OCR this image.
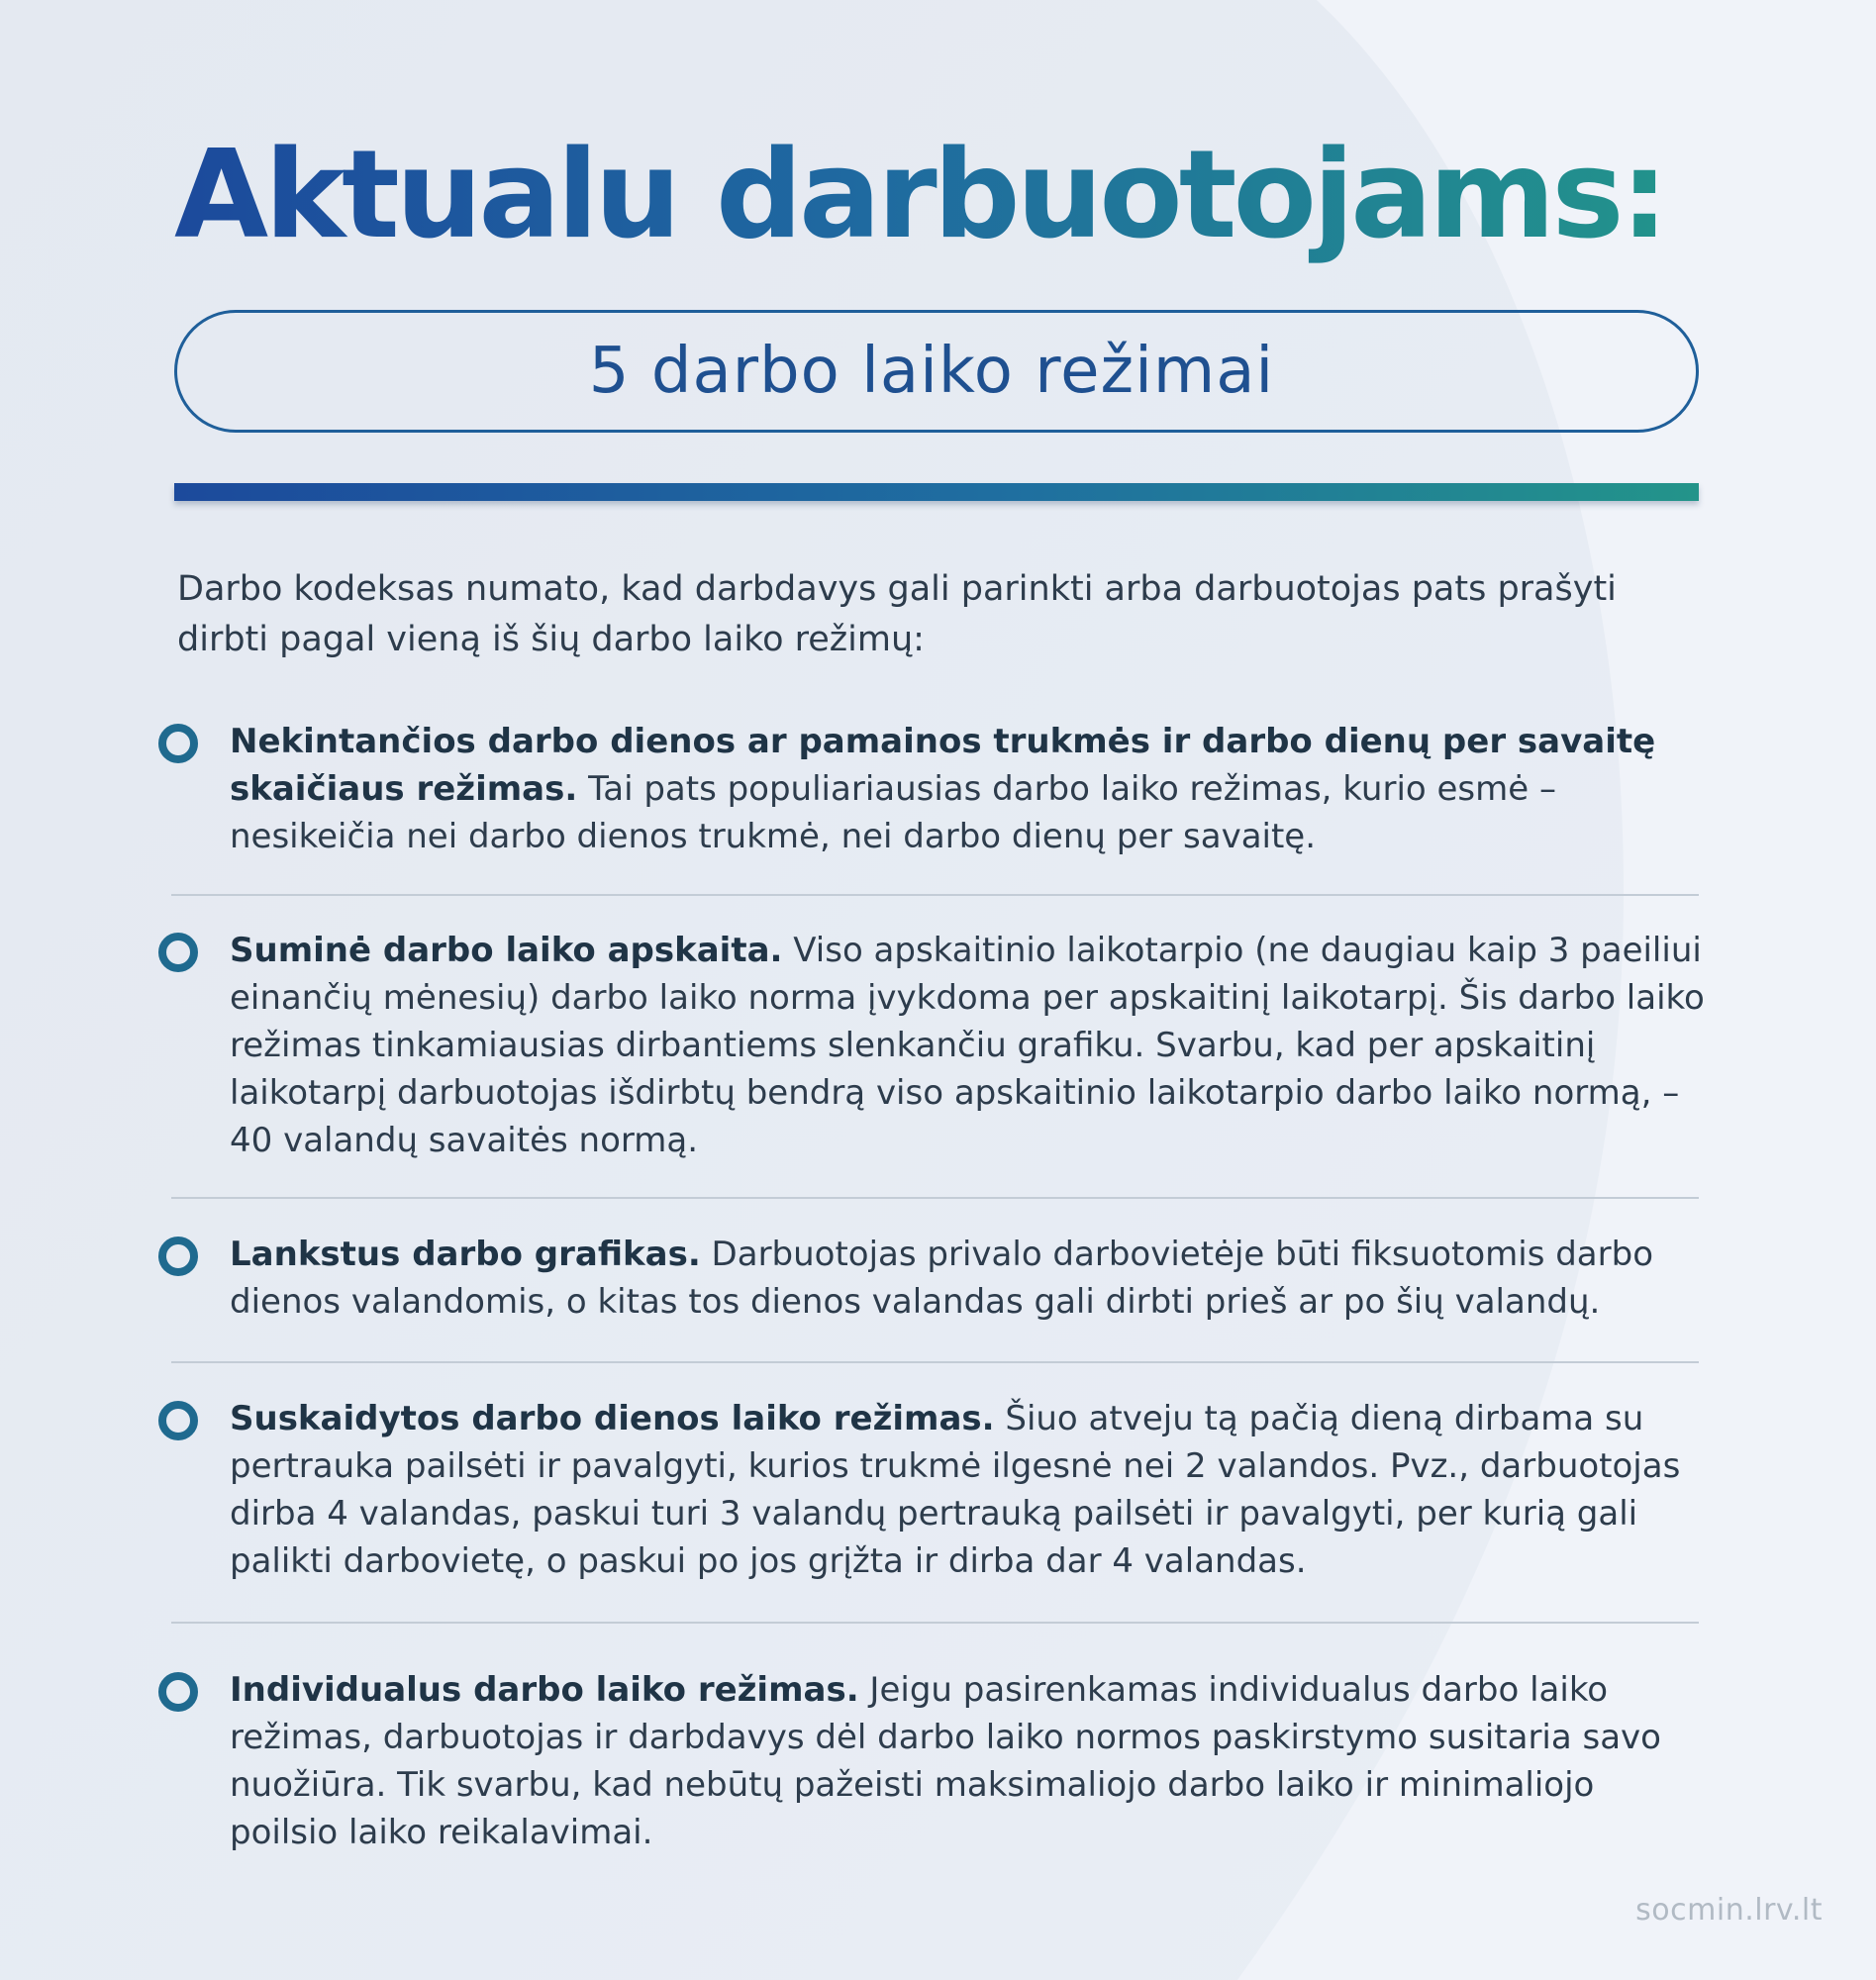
Aktualu darbuotojams:
5 darbo laiko režimai

Darbo kodeksas numato, kad darbdavys gali parinkti arba darbuotojas pats prašyti dirbti pagal vieną iš šių darbo laiko režimų:

Nekintančios darbo dienos ar pamainos trukmės ir darbo dienų per savaitę skaičiaus režimas. Tai pats populiariausias darbo laiko režimas, kurio esmė – nesikeičia nei darbo dienos trukmė, nei darbo dienų per savaitę.

Suminė darbo laiko apskaita. Viso apskaitinio laikotarpio (ne daugiau kaip 3 paeiliui einančių mėnesių) darbo laiko norma įvykdoma per apskaitinį laikotarpį. Šis darbo laiko režimas tinkamiausias dirbantiems slenkančiu grafiku. Svarbu, kad per apskaitinį laikotarpį darbuotojas išdirbtų bendrą viso apskaitinio laikotarpio darbo laiko normą, – 40 valandų savaitės normą.

Lankstus darbo grafikas. Darbuotojas privalo darbovietėje būti fiksuotomis darbo dienos valandomis, o kitas tos dienos valandas gali dirbti prieš ar po šių valandų.

Suskaidytos darbo dienos laiko režimas. Šiuo atveju tą pačią dieną dirbama su pertrauka pailsėti ir pavalgyti, kurios trukmė ilgesnė nei 2 valandos. Pvz., darbuotojas dirba 4 valandas, paskui turi 3 valandų pertrauką pailsėti ir pavalgyti, per kurią gali palikti darbovietę, o paskui po jos grįžta ir dirba dar 4 valandas.

Individualus darbo laiko režimas. Jeigu pasirenkamas individualus darbo laiko režimas, darbuotojas ir darbdavys dėl darbo laiko normos paskirstymo susitaria savo nuožiūra. Tik svarbu, kad nebūtų pažeisti maksimaliojo darbo laiko ir minimaliojo poilsio laiko reikalavimai.

socmin.lrv.lt
